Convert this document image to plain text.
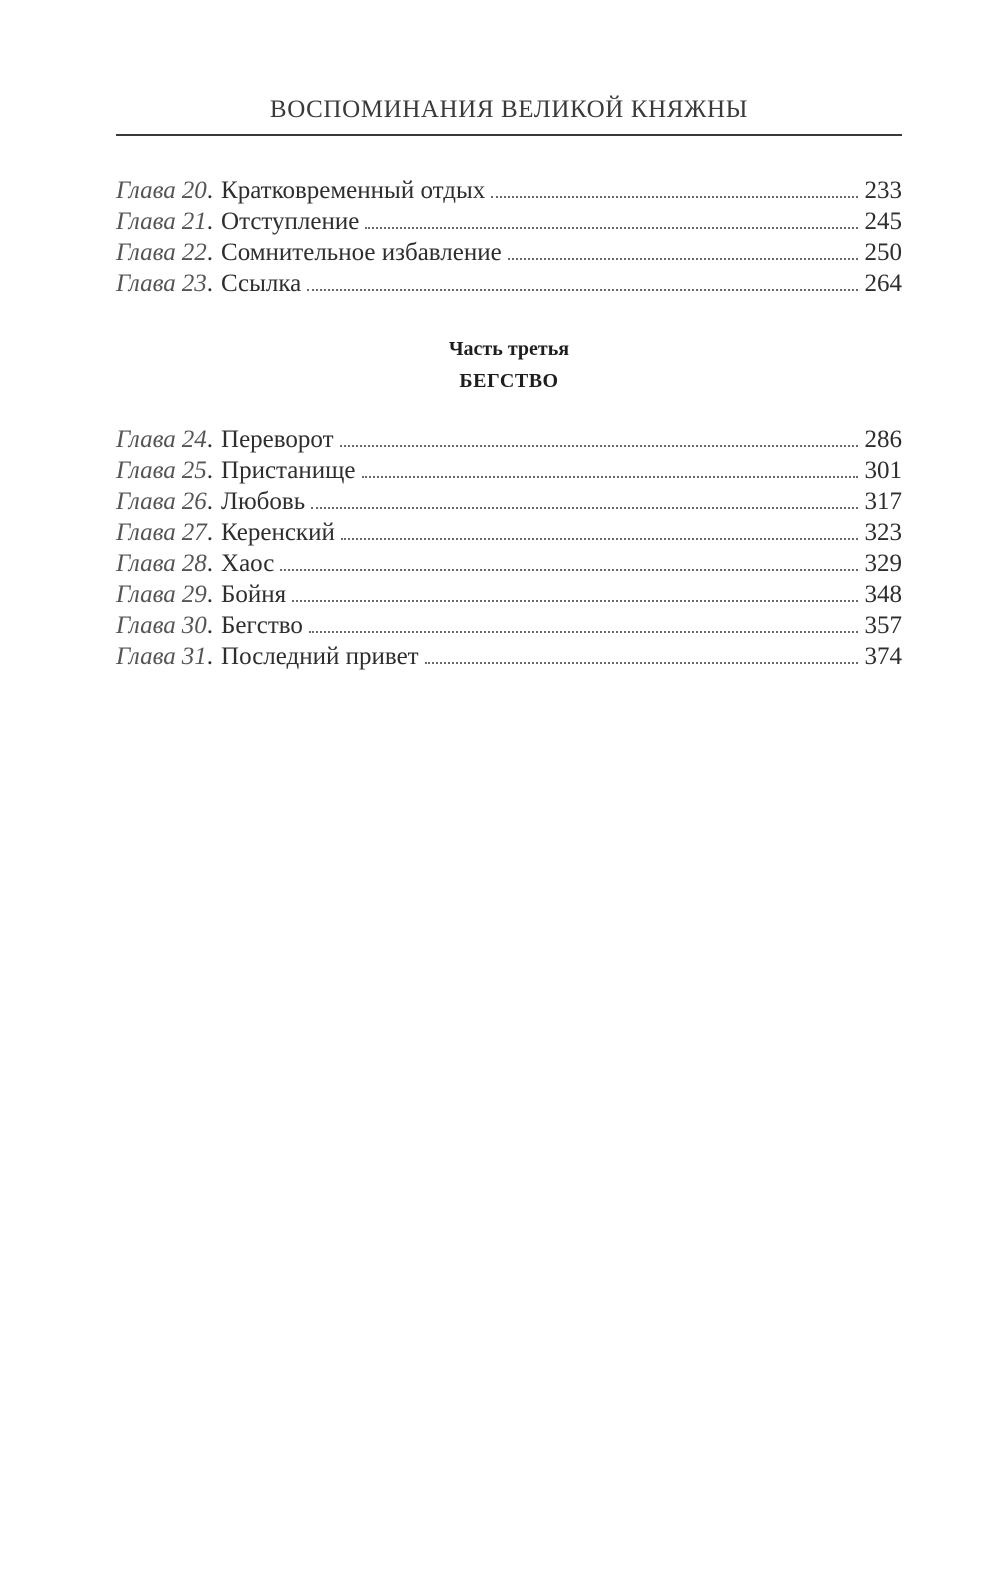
ВОСПОМИНАНИЯ ВЕЛИКОЙ КНЯЖНЫ
Глава 20 . Кратковременный отдых	233
Глава 21 . Отступление	245
Глава 22 . Сомнительное избавление	250
Глава 23 . Ссылка	264
Часть третья
БЕГСТВО
Глава 24 . Переворот	286
Глава 25 . Пристанище	301
Глава 26 . Любовь	317
Глава 27 . Керенский	323
Глава 28 . Хаос	329
Глава 29 . Бойня	348
Глава 30 . Бегство	357
Глава 31 . Последний привет	374
